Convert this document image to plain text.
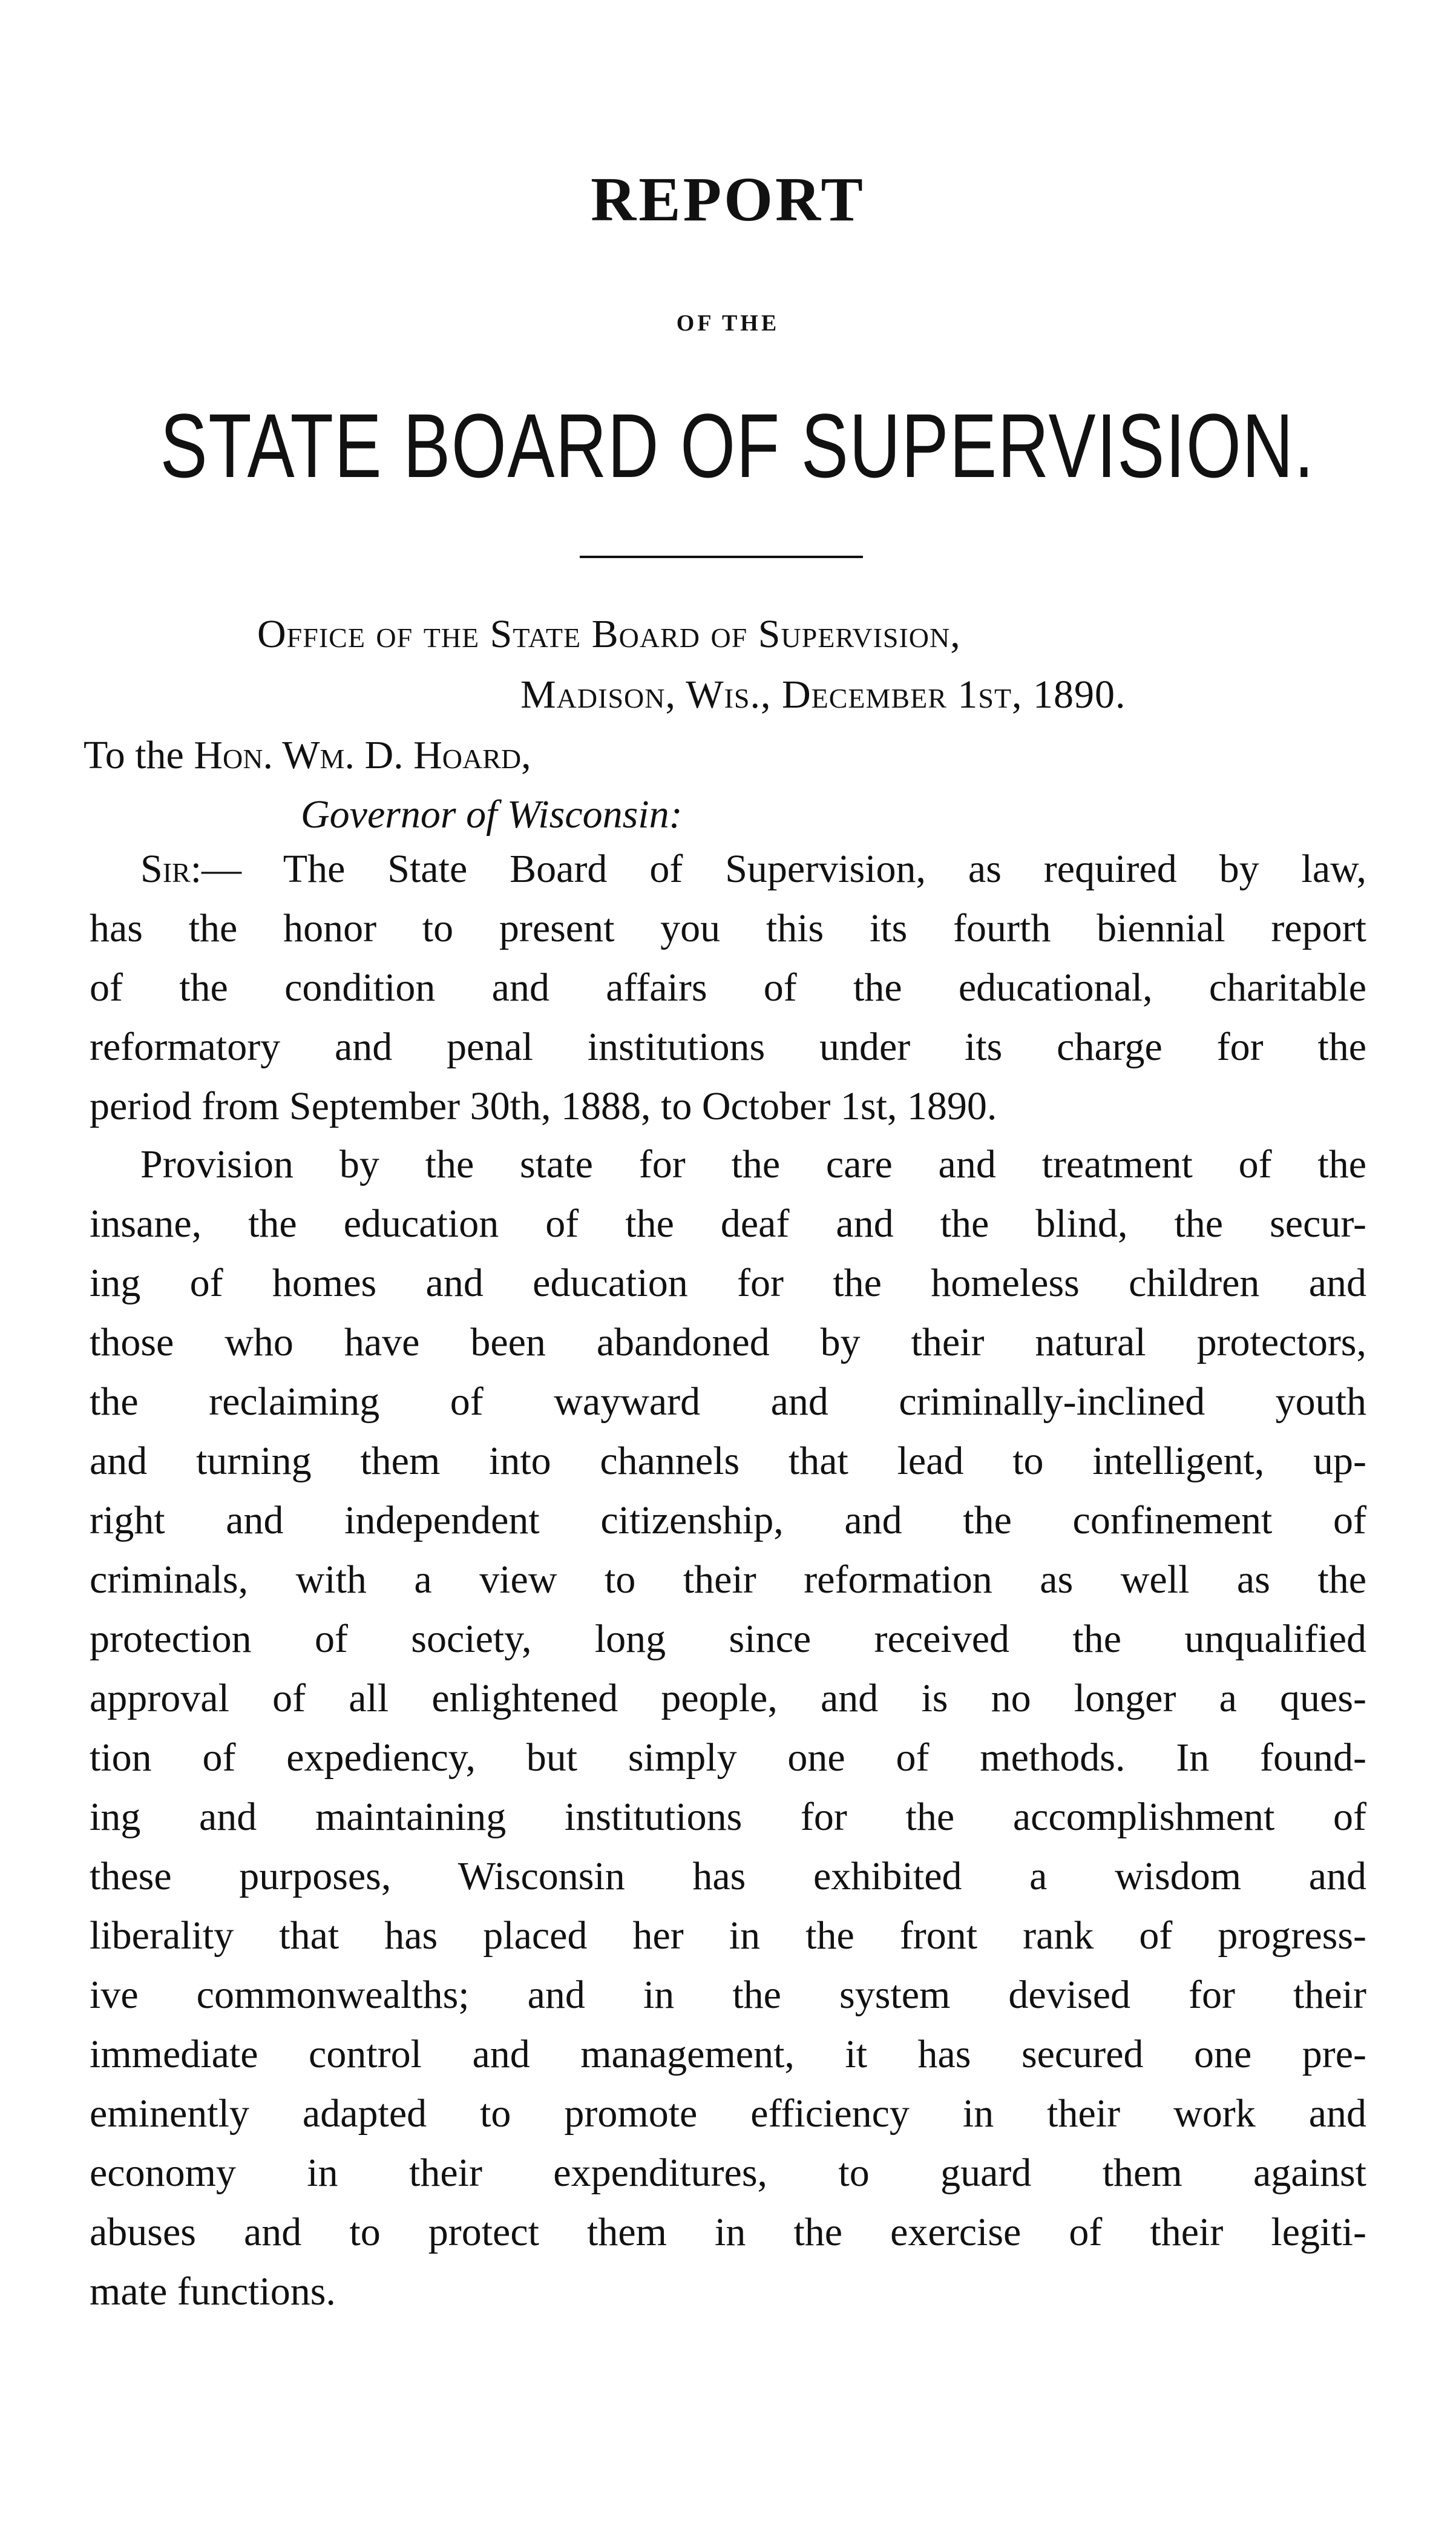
REPORT
OF THE
STATE BOARD OF SUPERVISION.
Office of the State Board of Supervision,
Madison, Wis., December 1st, 1890.
To the Hon. Wm. D. Hoard,
Governor of Wisconsin:
Sir:— The State Board of Supervision, as required by law,
has the honor to present you this its fourth biennial report
of the condition and affairs of the educational, charitable
reformatory and penal institutions under its charge for the
period from September 30th, 1888, to October 1st, 1890.
Provision by the state for the care and treatment of the
insane, the education of the deaf and the blind, the secur-
ing of homes and education for the homeless children and
those who have been abandoned by their natural protectors,
the reclaiming of wayward and criminally-inclined youth
and turning them into channels that lead to intelligent, up-
right and independent citizenship, and the confinement of
criminals, with a view to their reformation as well as the
protection of society, long since received the unqualified
approval of all enlightened people, and is no longer a ques-
tion of expediency, but simply one of methods. In found-
ing and maintaining institutions for the accomplishment of
these purposes, Wisconsin has exhibited a wisdom and
liberality that has placed her in the front rank of progress-
ive commonwealths; and in the system devised for their
immediate control and management, it has secured one pre-
eminently adapted to promote efficiency in their work and
economy in their expenditures, to guard them against
abuses and to protect them in the exercise of their legiti-
mate functions.
